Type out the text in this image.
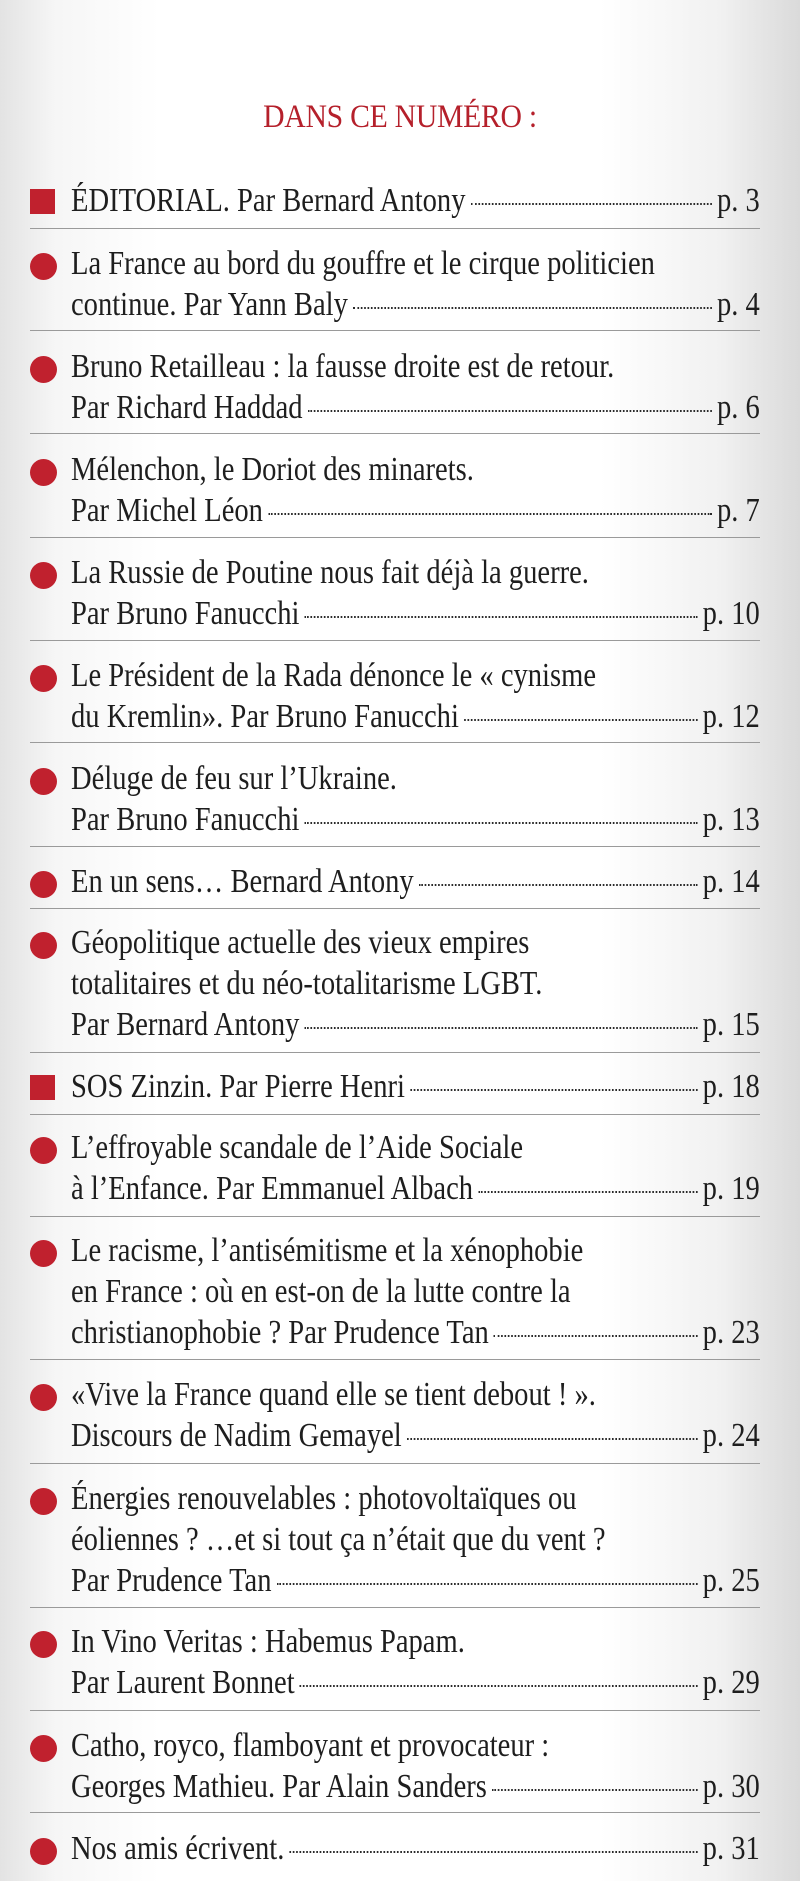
DANS CE NUMÉRO :
ÉDITORIAL. Par Bernard Antony	p. 3
La France au bord du gouffre et le cirque politicien
continue. Par Yann Baly	p. 4
Bruno Retailleau : la fausse droite est de retour.
Par Richard Haddad	p. 6
Mélenchon, le Doriot des minarets.
Par Michel Léon	p. 7
La Russie de Poutine nous fait déjà la guerre.
Par Bruno Fanucchi	p. 10
Le Président de la Rada dénonce le « cynisme
du Kremlin». Par Bruno Fanucchi	p. 12
Déluge de feu sur l’Ukraine.
Par Bruno Fanucchi	p. 13
En un sens… Bernard Antony	p. 14
Géopolitique actuelle des vieux empires
totalitaires et du néo-totalitarisme LGBT.
Par Bernard Antony	p. 15
SOS Zinzin. Par Pierre Henri	p. 18
L’effroyable scandale de l’Aide Sociale
à l’Enfance. Par Emmanuel Albach	p. 19
Le racisme, l’antisémitisme et la xénophobie
en France : où en est-on de la lutte contre la
christianophobie ? Par Prudence Tan	p. 23
«Vive la France quand elle se tient debout ! ».
Discours de Nadim Gemayel	p. 24
Énergies renouvelables : photovoltaïques ou
éoliennes ? …et si tout ça n’était que du vent ?
Par Prudence Tan	p. 25
In Vino Veritas : Habemus Papam.
Par Laurent Bonnet	p. 29
Catho, royco, flamboyant et provocateur :
Georges Mathieu. Par Alain Sanders	p. 30
Nos amis écrivent.	p. 31
